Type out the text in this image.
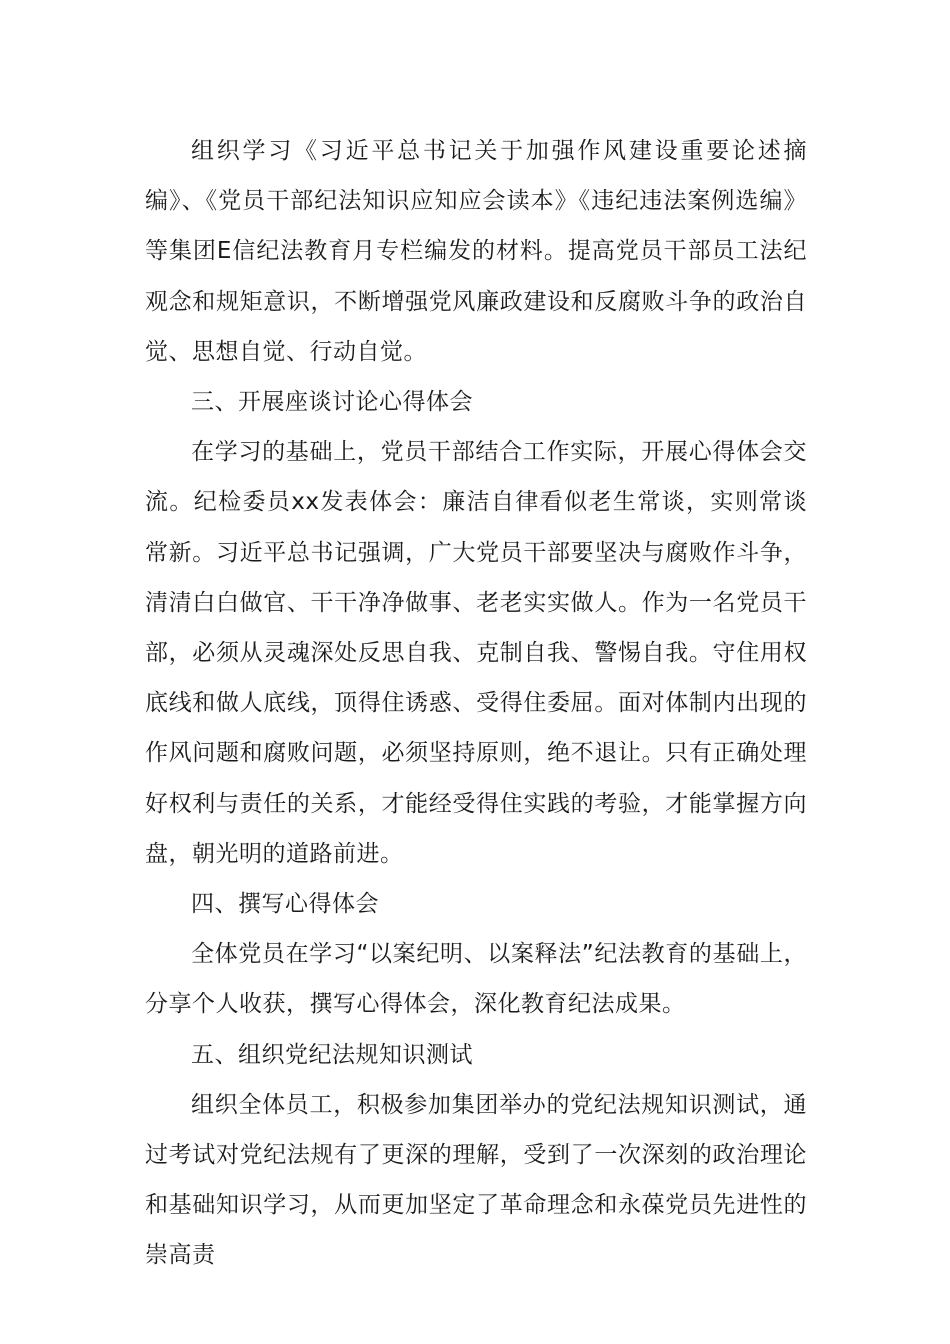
组织学习《习近平总书记关于加强作风建设重要论述摘编》、《党员干部纪法知识应知应会读本》《违纪违法案例选编》等集团E信纪法教育月专栏编发的材料。提高党员干部员工法纪观念和规矩意识，不断增强党风廉政建设和反腐败斗争的政治自觉、思想自觉、行动自觉。

三、开展座谈讨论心得体会

在学习的基础上，党员干部结合工作实际，开展心得体会交流。纪检委员xx发表体会：廉洁自律看似老生常谈，实则常谈常新。习近平总书记强调，广大党员干部要坚决与腐败作斗争，清清白白做官、干干净净做事、老老实实做人。作为一名党员干部，必须从灵魂深处反思自我、克制自我、警惕自我。守住用权底线和做人底线，顶得住诱惑、受得住委屈。面对体制内出现的作风问题和腐败问题，必须坚持原则，绝不退让。只有正确处理好权利与责任的关系，才能经受得住实践的考验，才能掌握方向盘，朝光明的道路前进。

四、撰写心得体会

全体党员在学习“以案纪明、以案释法”纪法教育的基础上，分享个人收获，撰写心得体会，深化教育纪法成果。

五、组织党纪法规知识测试

组织全体员工，积极参加集团举办的党纪法规知识测试，通过考试对党纪法规有了更深的理解，受到了一次深刻的政治理论和基础知识学习，从而更加坚定了革命理念和永葆党员先进性的崇高责
